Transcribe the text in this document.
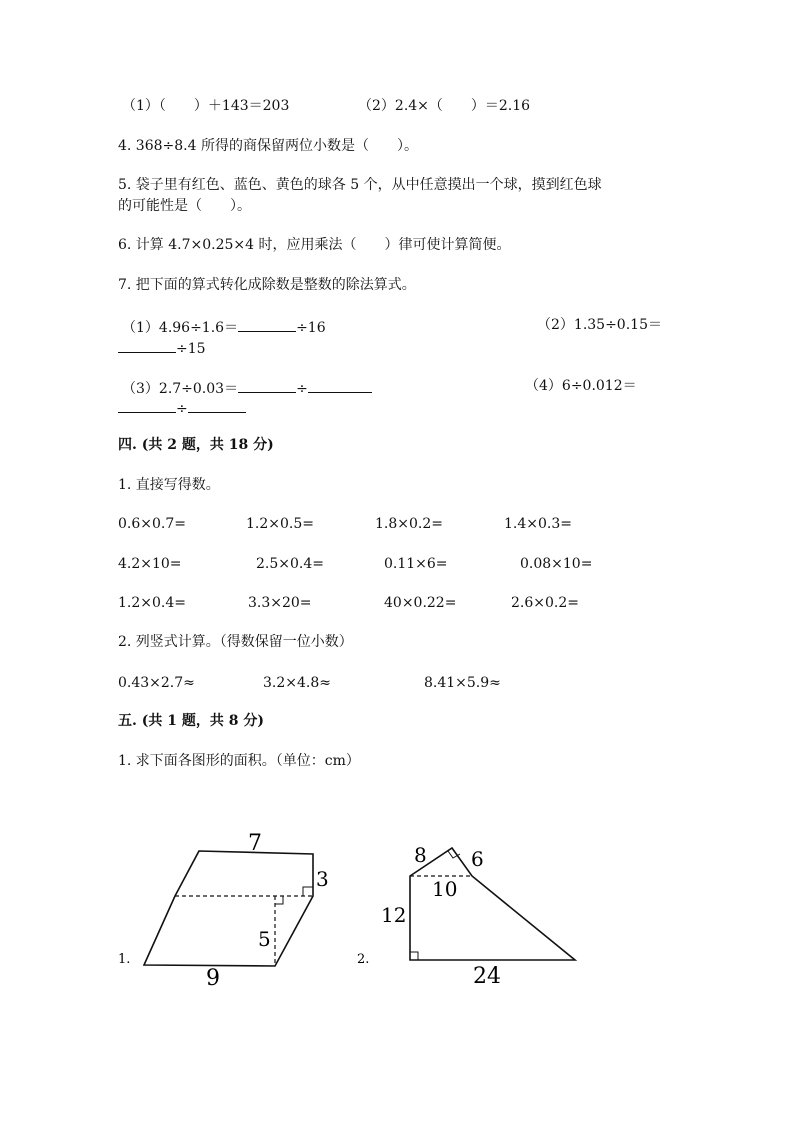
（1）（　　）＋143＝203	（2）2.4×（　　）＝2.16
4. 368÷8.4 所得的商保留两位小数是（　　）。
5. 袋子里有红色、蓝色、黄色的球各 5 个，从中任意摸出一个球，摸到红色球
的可能性是（　　）。
6. 计算 4.7×0.25×4 时，应用乘法（　　）律可使计算简便。
7. 把下面的算式转化成除数是整数的除法算式。
（1）4.96÷1.6＝	÷16	（2）1.35÷0.15＝
÷15
（3）2.7÷0.03＝	÷	（4）6÷0.012＝
÷
四. (共 2 题，共 18 分)
1. 直接写得数。
0.6×0.7=	1.2×0.5=	1.8×0.2=	1.4×0.3=
4.2×10=	2.5×0.4=	0.11×6=	0.08×10=
1.2×0.4=	3.3×20=	40×0.22=	2.6×0.2=
2. 列竖式计算。（得数保留一位小数）
0.43×2.7≈	3.2×4.8≈	8.41×5.9≈
五. (共 1 题，共 8 分)
1. 求下面各图形的面积。（单位：cm）
7
3
5
9
1.
8 6
10
12
24
2.
